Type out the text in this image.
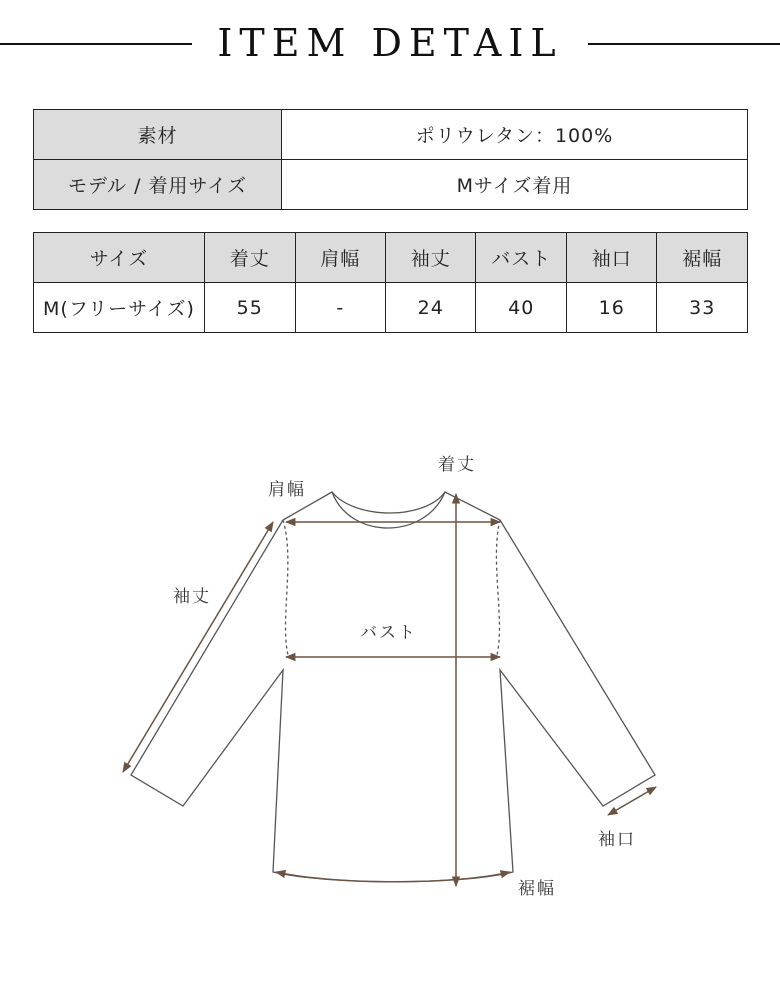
ITEM DETAIL
素材	ポリウレタン：100%
モデル / 着用サイズ	Mサイズ着用
サイズ	着丈	肩幅	袖丈	バスト	袖口	裾幅
M(フリーサイズ)	55	-	24	40	16	33
着丈
肩幅
袖丈
バスト
袖口
裾幅
